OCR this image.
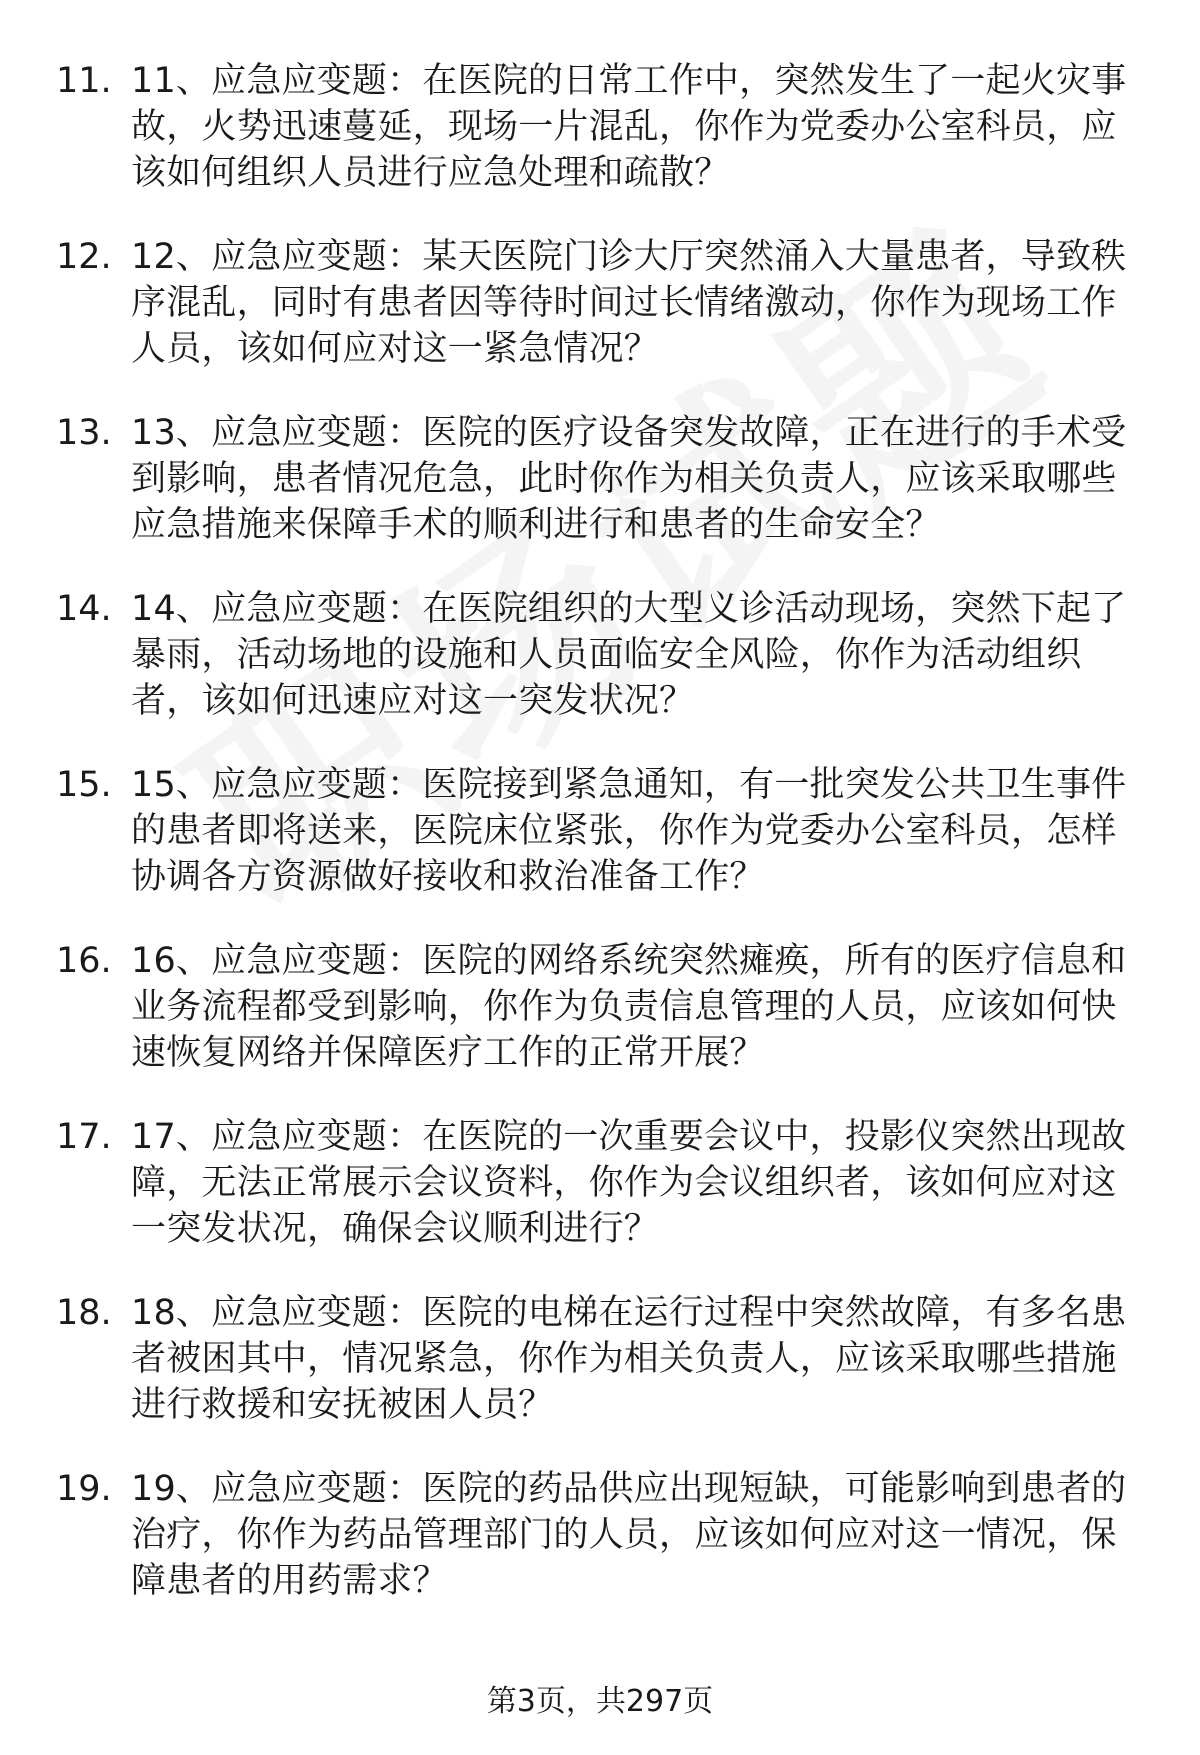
11. 11、应急应变题：在医院的日常工作中，突然发生了一起火灾事故，火势迅速蔓延，现场一片混乱，你作为党委办公室科员，应该如何组织人员进行应急处理和疏散？
12. 12、应急应变题：某天医院门诊大厅突然涌入大量患者，导致秩序混乱，同时有患者因等待时间过长情绪激动，你作为现场工作人员，该如何应对这一紧急情况？
13. 13、应急应变题：医院的医疗设备突发故障，正在进行的手术受到影响，患者情况危急，此时你作为相关负责人，应该采取哪些应急措施来保障手术的顺利进行和患者的生命安全？
14. 14、应急应变题：在医院组织的大型义诊活动现场，突然下起了暴雨，活动场地的设施和人员面临安全风险，你作为活动组织者，该如何迅速应对这一突发状况？
15. 15、应急应变题：医院接到紧急通知，有一批突发公共卫生事件的患者即将送来，医院床位紧张，你作为党委办公室科员，怎样协调各方资源做好接收和救治准备工作？
16. 16、应急应变题：医院的网络系统突然瘫痪，所有的医疗信息和业务流程都受到影响，你作为负责信息管理的人员，应该如何快速恢复网络并保障医疗工作的正常开展？
17. 17、应急应变题：在医院的一次重要会议中，投影仪突然出现故障，无法正常展示会议资料，你作为会议组织者，该如何应对这一突发状况，确保会议顺利进行？
18. 18、应急应变题：医院的电梯在运行过程中突然故障，有多名患者被困其中，情况紧急，你作为相关负责人，应该采取哪些措施进行救援和安抚被困人员？
19. 19、应急应变题：医院的药品供应出现短缺，可能影响到患者的治疗，你作为药品管理部门的人员，应该如何应对这一情况，保障患者的用药需求？
第3页，共297页
